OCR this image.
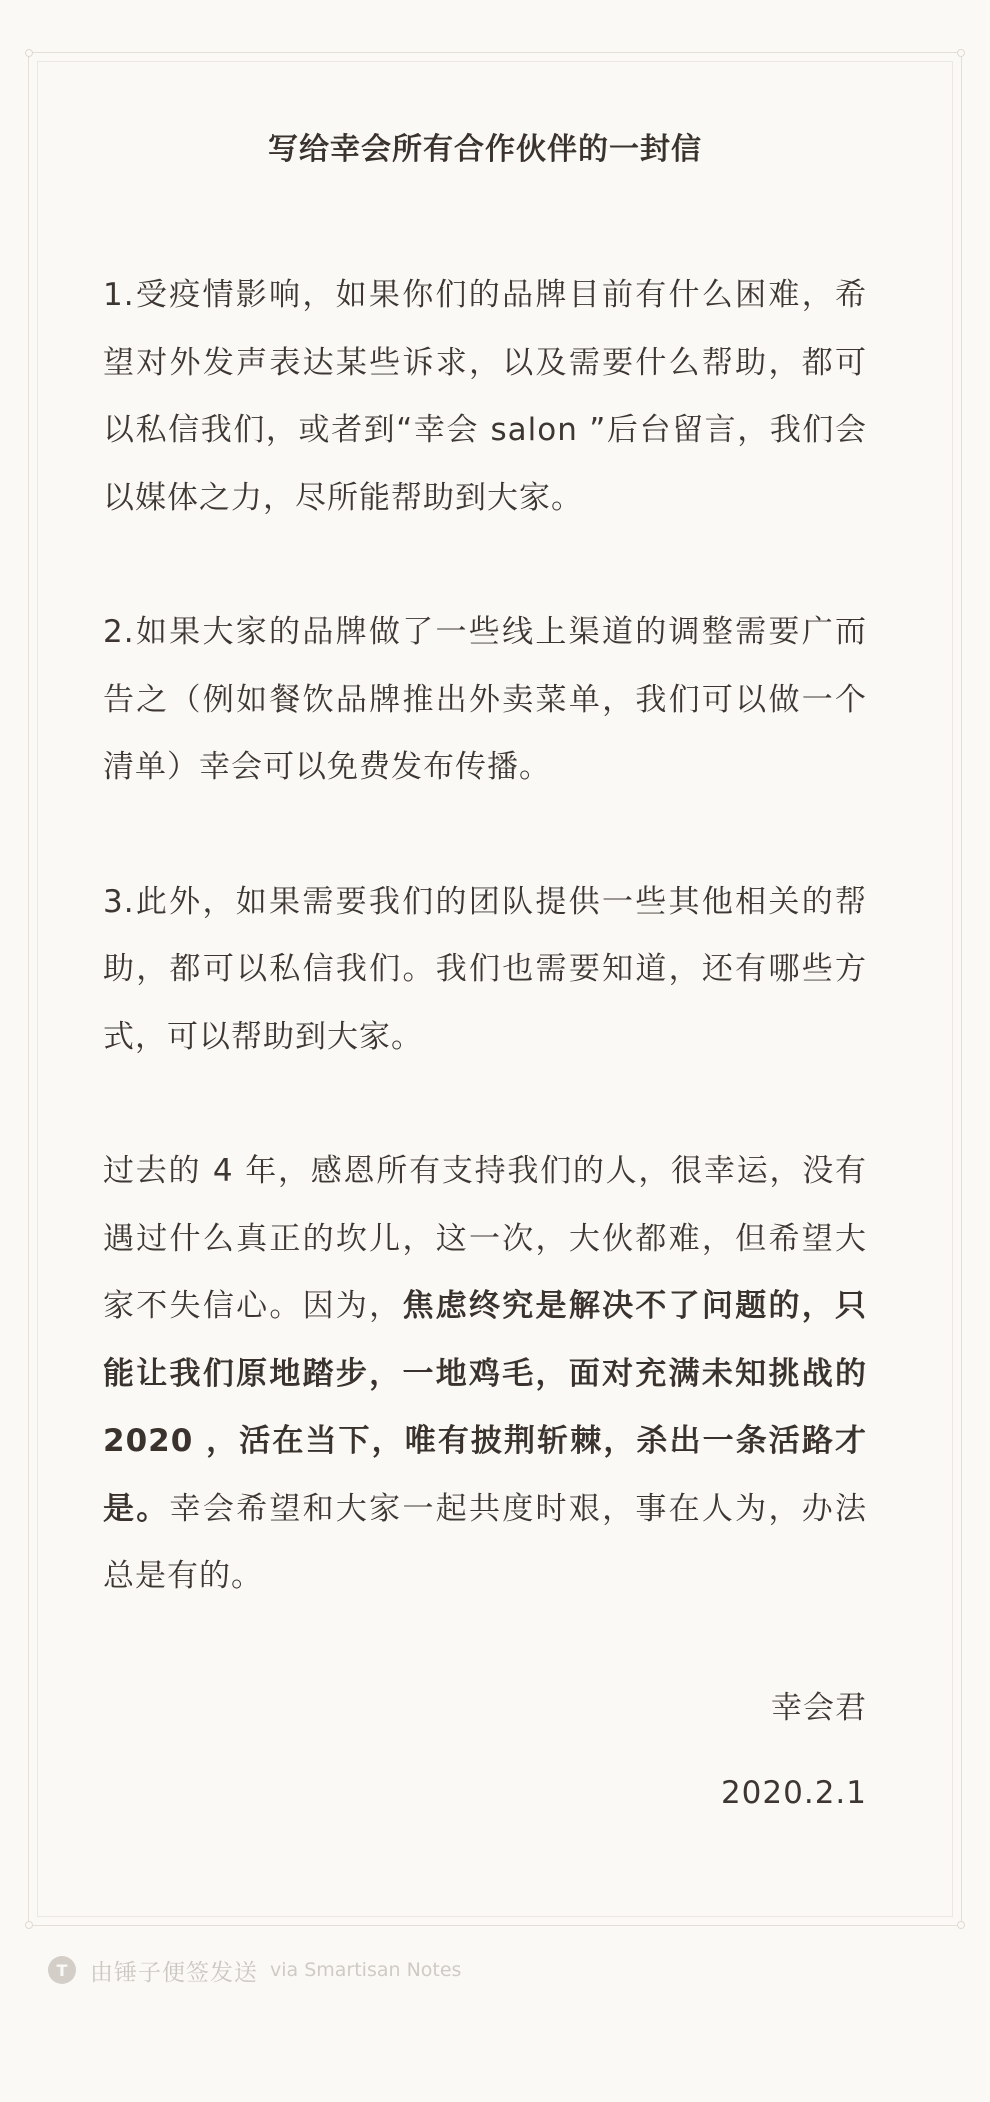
写给幸会所有合作伙伴的一封信

1.受疫情影响，如果你们的品牌目前有什么困难，希望对外发声表达某些诉求，以及需要什么帮助，都可以私信我们，或者到“幸会 salon ”后台留言，我们会以媒体之力，尽所能帮助到大家。

2.如果大家的品牌做了一些线上渠道的调整需要广而告之（例如餐饮品牌推出外卖菜单，我们可以做一个清单）幸会可以免费发布传播。

3.此外，如果需要我们的团队提供一些其他相关的帮助，都可以私信我们。我们也需要知道，还有哪些方式，可以帮助到大家。

过去的 4 年，感恩所有支持我们的人，很幸运，没有遇过什么真正的坎儿，这一次，大伙都难，但希望大家不失信心。因为，焦虑终究是解决不了问题的，只能让我们原地踏步，一地鸡毛，面对充满未知挑战的 2020 ，活在当下，唯有披荆斩棘，杀出一条活路才是。幸会希望和大家一起共度时艰，事在人为，办法总是有的。

幸会君

2020.2.1

T 由锤子便签发送 via Smartisan Notes
